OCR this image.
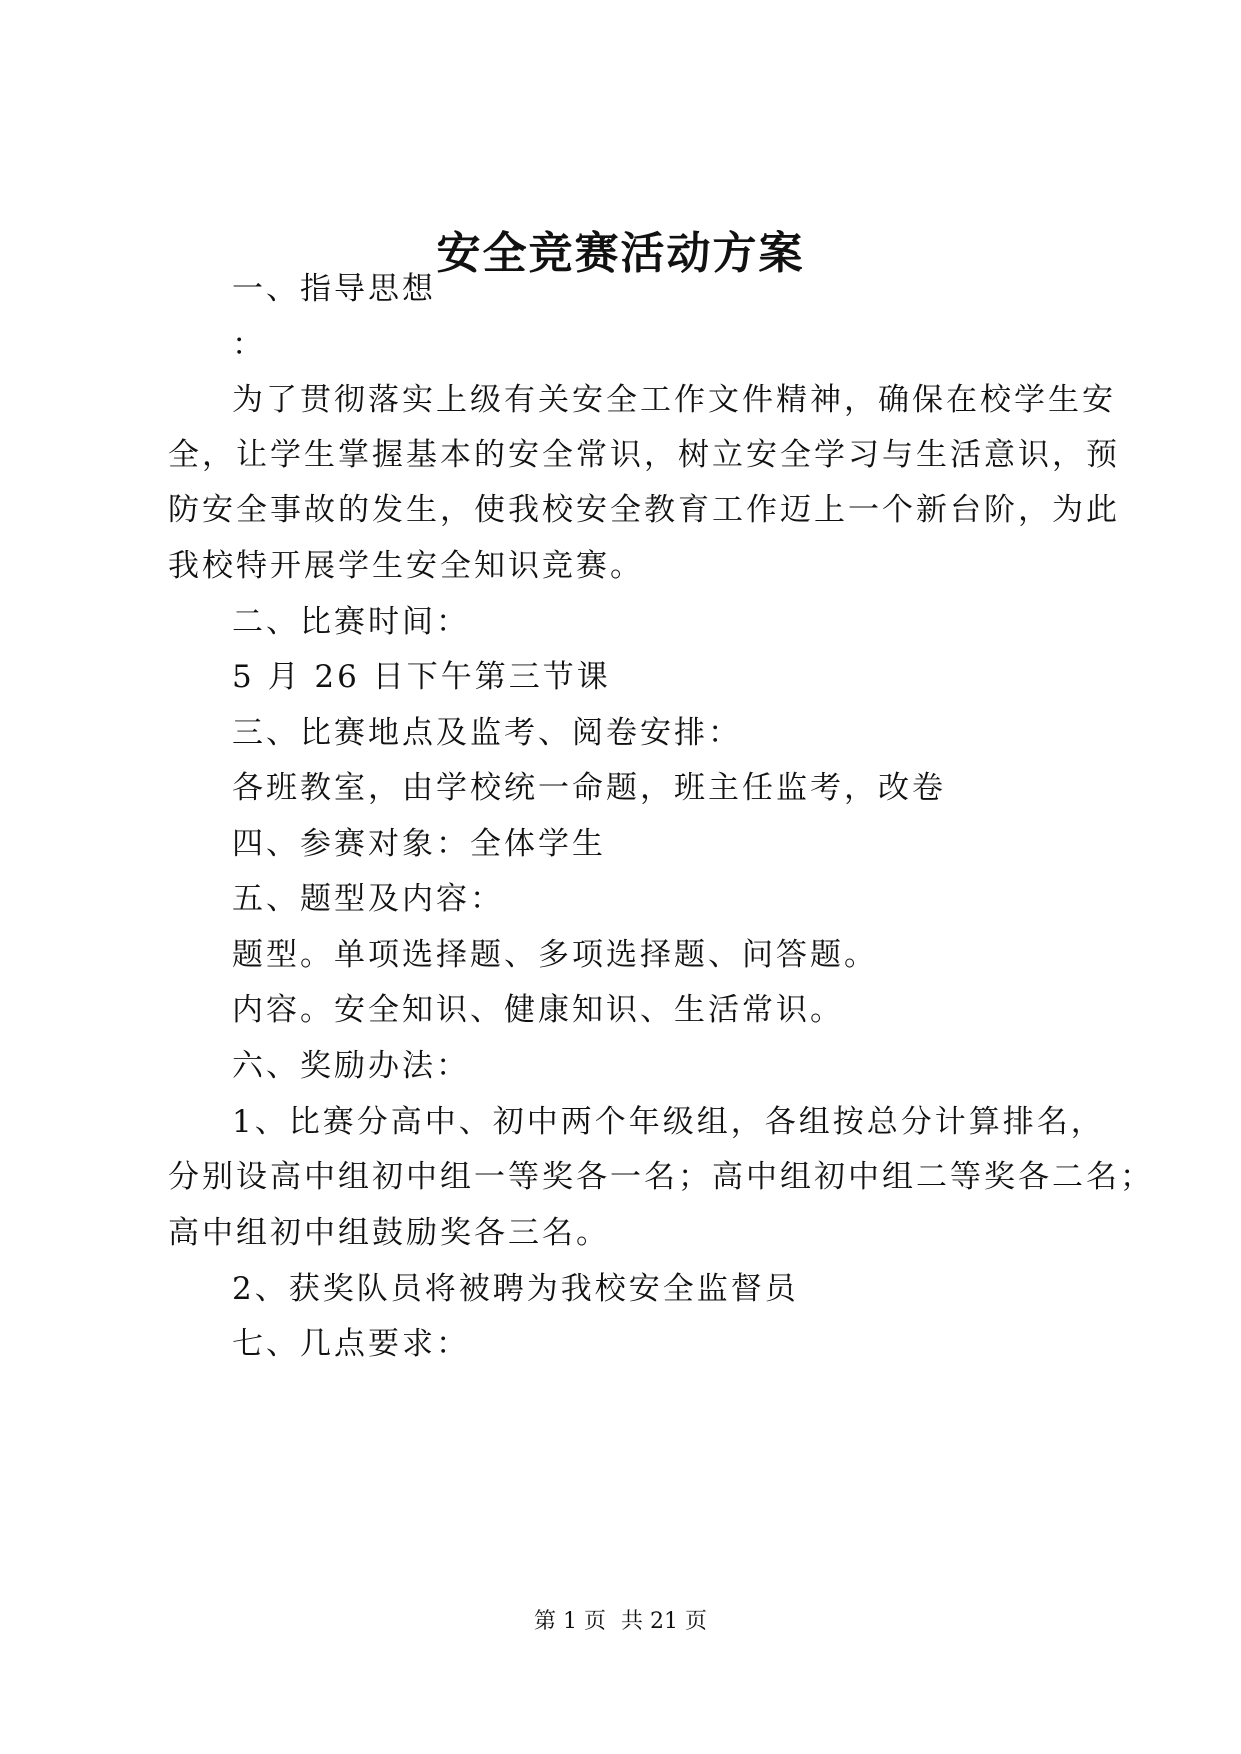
安全竞赛活动方案
一、指导思想
：
为了贯彻落实上级有关安全工作文件精神，确保在校学生安
全，让学生掌握基本的安全常识，树立安全学习与生活意识，预
防安全事故的发生，使我校安全教育工作迈上一个新台阶，为此
我校特开展学生安全知识竞赛。
二、比赛时间：
5 月 26 日下午第三节课
三、比赛地点及监考、阅卷安排：
各班教室，由学校统一命题，班主任监考，改卷
四、参赛对象：全体学生
五、题型及内容：
题型。单项选择题、多项选择题、问答题。
内容。安全知识、健康知识、生活常识。
六、奖励办法：
1、比赛分高中、初中两个年级组，各组按总分计算排名，
分别设高中组初中组一等奖各一名；高中组初中组二等奖各二名；
高中组初中组鼓励奖各三名。
2、获奖队员将被聘为我校安全监督员
七、几点要求：
第 1 页 共 21 页
